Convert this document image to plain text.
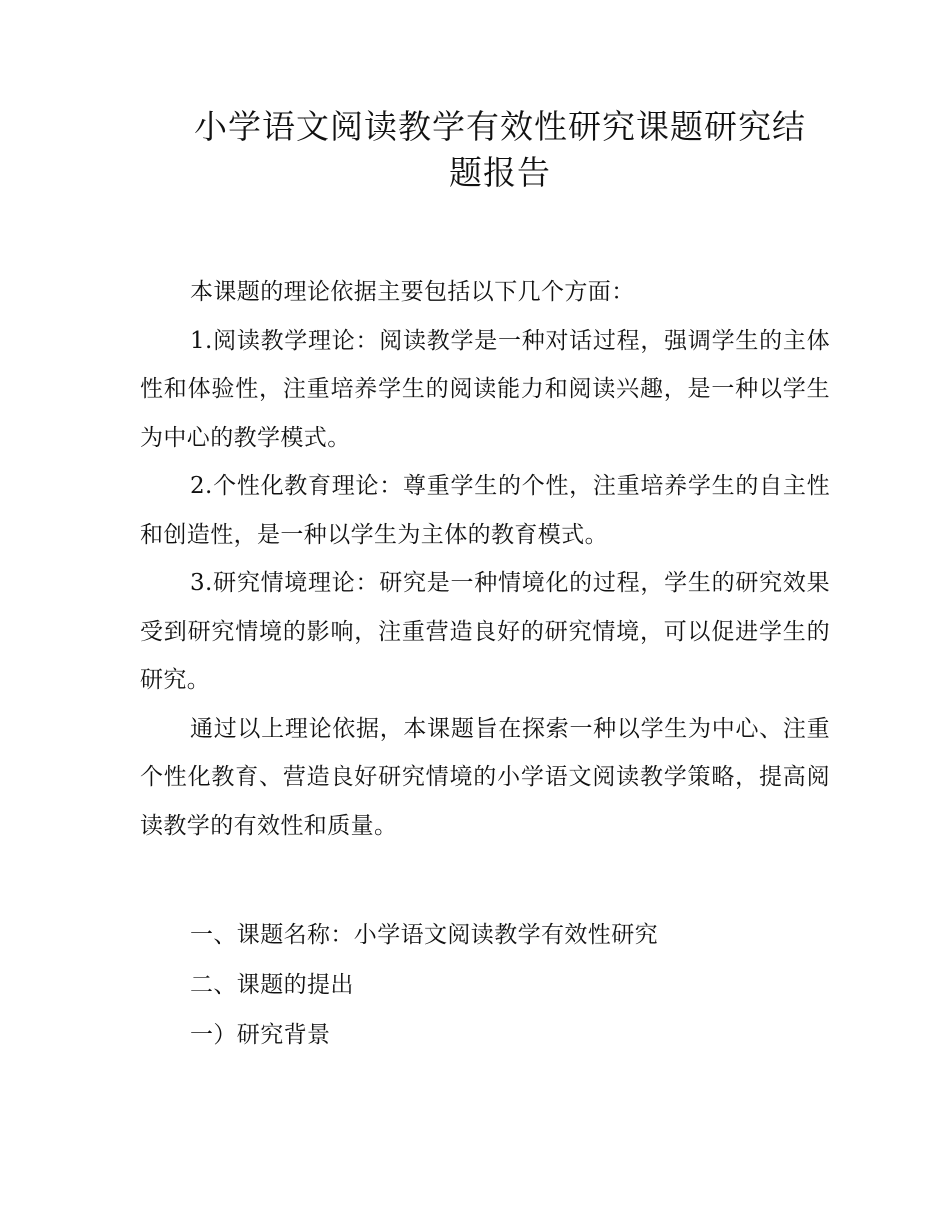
小学语文阅读教学有效性研究课题研究结
题报告

本课题的理论依据主要包括以下几个方面：

1.阅读教学理论：阅读教学是一种对话过程，强调学生的主体性和体验性，注重培养学生的阅读能力和阅读兴趣，是一种以学生为中心的教学模式。

2.个性化教育理论：尊重学生的个性，注重培养学生的自主性和创造性，是一种以学生为主体的教育模式。

3.研究情境理论：研究是一种情境化的过程，学生的研究效果受到研究情境的影响，注重营造良好的研究情境，可以促进学生的研究。

通过以上理论依据，本课题旨在探索一种以学生为中心、注重个性化教育、营造良好研究情境的小学语文阅读教学策略，提高阅读教学的有效性和质量。

一、课题名称：小学语文阅读教学有效性研究

二、课题的提出

一）研究背景
